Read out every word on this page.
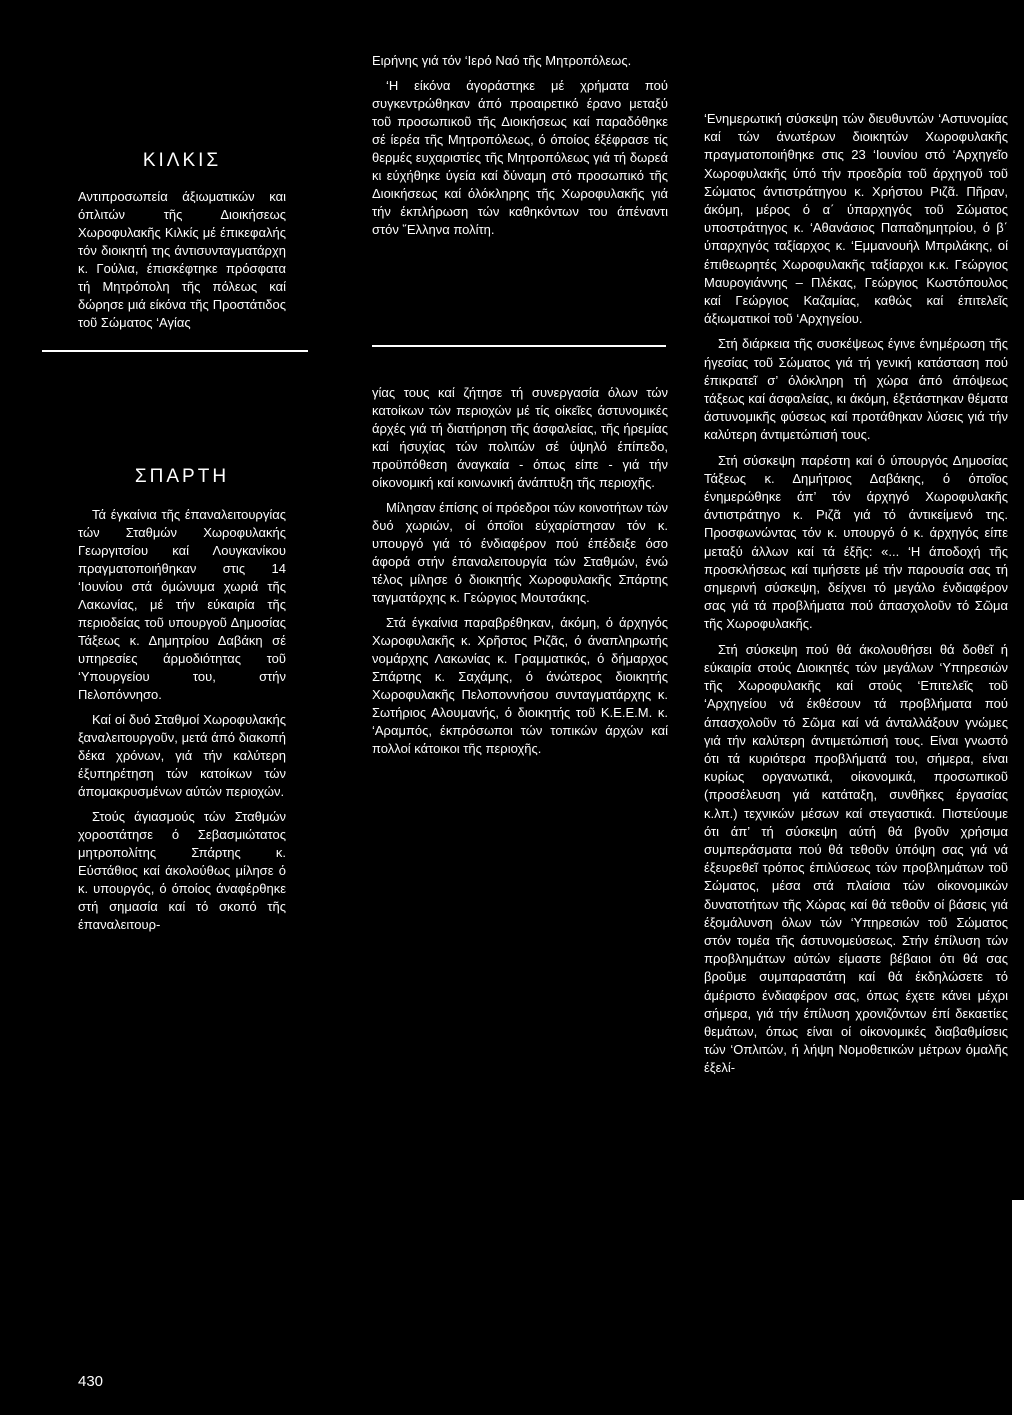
ΚΙΛΚΙΣ

Αντιπροσωπεία άξιωματικών και όπλιτών τῆς Διοικήσεως Χωροφυλακῆς Κιλκίς μέ έπικεφαλής τόν διοικητή της άντισυνταγματάρχη κ. Γούλια, έπισκέφτηκε πρόσφατα τή Μητρόπολη τῆς πόλεως καί δώρησε μιά είκόνα τῆς Προστάτιδος τοῦ Σώματος ‘Αγίας

ΣΠΑΡΤΗ

Τά έγκαίνια τῆς έπαναλειτουργίας τών Σταθμών Χωροφυλακής Γεωργιτσίου καί Λουγκανίκου πραγματοποιήθηκαν στις 14 ‘Ιουνίου στά όμώνυμα χωριά τῆς Λακωνίας, μέ τήν εύκαιρία τῆς περιοδείας τοῦ υπουργοῦ Δημοσίας Τάξεως κ. Δημητρίου Δαβάκη σέ υπηρεσίες άρμοδιότητας τοῦ ‘Υπουργείου του, στήν Πελοπόννησο.

Καί οί δυό Σταθμοί Χωροφυλακής ξαναλειτουργοῦν, μετά άπό διακοπή δέκα χρόνων, γιά τήν καλύτερη έξυπηρέτηση τών κατοίκων τών άπομακρυσμένων αύτών περιοχών.

Στούς άγιασμούς τών Σταθμών χοροστάτησε ό Σεβασμιώτατος μητροπολίτης Σπάρτης κ. Εύστάθιος καί άκολούθως μίλησε ό κ. υπουργός, ό όποίος άναφέρθηκε στή σημασία καί τό σκοπό τῆς έπαναλειτουρ-

Ειρήνης γιά τόν ‘Ιερό Ναό τῆς Μητροπόλεως.

‘Η είκόνα άγοράστηκε μέ χρήματα πού συγκεντρώθηκαν άπό προαιρετικό έρανο μεταξύ τοῦ προσωπικοῦ τῆς Διοικήσεως καί παραδόθηκε σέ ίερέα τῆς Μητροπόλεως, ό όποίος έξέφρασε τίς θερμές ευχαριστίες τῆς Μητροπόλεως γιά τή δωρεά κι εύχήθηκε ύγεία καί δύναμη στό προσωπικό τῆς Διοικήσεως καί όλόκληρης τῆς Χωροφυλακῆς γιά τήν έκπλήρωση τών καθηκόντων του άπέναντι στόν ῞Ελληνα πολίτη.

γίας τους καί ζήτησε τή συνεργασία όλων τών κατοίκων τών περιοχών μέ τίς οίκεῖες άστυνομικές άρχές γιά τή διατήρηση τῆς άσφαλείας, τῆς ήρεμίας καί ήσυχίας τών πολιτών σέ ύψηλό έπίπεδο, προϋπόθεση άναγκαία - όπως είπε - γιά τήν οίκονομική καί κοινωνική άνάπτυξη τῆς περιοχῆς.

Μίλησαν έπίσης οί πρόεδροι τών κοινοτήτων τών δυό χωριών, οί όποῖοι εύχαρίστησαν τόν κ. υπουργό γιά τό ένδιαφέρον πού έπέδειξε όσο άφορά στήν έπαναλειτουργία τών Σταθμών, ένώ τέλος μίλησε ό διοικητής Χωροφυλακῆς Σπάρτης ταγματάρχης κ. Γεώργιος Μουτσάκης.

Στά έγκαίνια παραβρέθηκαν, άκόμη, ό άρχηγός Χωροφυλακῆς κ. Χρῆστος Ριζᾶς, ό άναπληρωτής νομάρχης Λακωνίας κ. Γραμματικός, ό δήμαρχος Σπάρτης κ. Σαχάμης, ό άνώτερος διοικητής Χωροφυλακῆς Πελοποννήσου συνταγματάρχης κ. Σωτήριος Αλουμανής, ό διοικητής τοῦ Κ.Ε.Ε.Μ. κ. ‘Αραμπός, έκπρόσωποι τών τοπικών άρχών καί πολλοί κάτοικοι τῆς περιοχῆς.

‘Ενημερωτική σύσκεψη τών διευθυντών ‘Αστυνομίας καί τών άνωτέρων διοικητών Χωροφυλακῆς πραγματοποιήθηκε στις 23 ‘Ιουνίου στό ‘Αρχηγεῖο Χωροφυλακῆς ύπό τήν προεδρία τοῦ άρχηγοῦ τοῦ Σώματος άντιστράτηγου κ. Χρήστου Ριζᾶ. Πῆραν, άκόμη, μέρος ό α΄ ύπαρχηγός τοῦ Σώματος υποστράτηγος κ. ‘Αθανάσιος Παπαδημητρίου, ό β΄ ύπαρχηγός ταξίαρχος κ. ‘Εμμανουήλ Μπριλάκης, οί έπιθεωρητές Χωροφυλακῆς ταξίαρχοι κ.κ. Γεώργιος Μαυρογιάννης – Πλέκας, Γεώργιος Κωστόπουλος καί Γεώργιος Καζαμίας, καθώς καί έπιτελεῖς άξιωματικοί τοῦ ‘Αρχηγείου.

Στή διάρκεια τῆς συσκέψεως έγινε ένημέρωση τῆς ήγεσίας τοῦ Σώματος γιά τή γενική κατάσταση πού έπικρατεῖ σ’ όλόκληρη τή χώρα άπό άπόψεως τάξεως καί άσφαλείας, κι άκόμη, έξετάστηκαν θέματα άστυνομικῆς φύσεως καί προτάθηκαν λύσεις γιά τήν καλύτερη άντιμετώπισή τους.

Στή σύσκεψη παρέστη καί ό ύπουργός Δημοσίας Τάξεως κ. Δημήτριος Δαβάκης, ό όποῖος ένημερώθηκε άπ’ τόν άρχηγό Χωροφυλακῆς άντιστράτηγο κ. Ριζᾶ γιά τό άντικείμενό της. Προσφωνώντας τόν κ. υπουργό ό κ. άρχηγός είπε μεταξύ άλλων καί τά έξῆς: «... ‘Η άποδοχή τῆς προσκλήσεως καί τιμήσετε μέ τήν παρουσία σας τή σημερινή σύσκεψη, δείχνει τό μεγάλο ένδιαφέρον σας γιά τά προβλήματα πού άπασχολοῦν τό Σῶμα τῆς Χωροφυλακῆς.

Στή σύσκεψη πού θά άκολουθήσει θά δοθεῖ ή εύκαιρία στούς Διοικητές τών μεγάλων ‘Υπηρεσιών τῆς Χωροφυλακῆς καί στούς ‘Επιτελεῖς τοῦ ‘Αρχηγείου νά έκθέσουν τά προβλήματα πού άπασχολοῦν τό Σῶμα καί νά άνταλλάξουν γνώμες γιά τήν καλύτερη άντιμετώπισή τους. Είναι γνωστό ότι τά κυριότερα προβλήματά του, σήμερα, είναι κυρίως οργανωτικά, οίκονομικά, προσωπικοῦ (προσέλευση γιά κατάταξη, συνθῆκες έργασίας κ.λπ.) τεχνικών μέσων καί στεγαστικά. Πιστεύουμε ότι άπ’ τή σύσκεψη αύτή θά βγοῦν χρήσιμα συμπεράσματα πού θά τεθοῦν ύπόψη σας γιά νά έξευρεθεῖ τρόπος έπιλύσεως τών προβλημάτων τοῦ Σώματος, μέσα στά πλαίσια τών οίκονομικών δυνατοτήτων τῆς Χώρας καί θά τεθοῦν οί βάσεις γιά έξομάλυνση όλων τών ‘Υπηρεσιών τοῦ Σώματος στόν τομέα τῆς άστυνομεύσεως. Στήν έπίλυση τών προβλημάτων αύτών είμαστε βέβαιοι ότι θά σας βροῦμε συμπαραστάτη καί θά έκδηλώσετε τό άμέριστο ένδιαφέρον σας, όπως έχετε κάνει μέχρι σήμερα, γιά τήν έπίλυση χρονιζόντων έπί δεκαετίες θεμάτων, όπως είναι οί οίκονομικές διαβαθμίσεις τών ‘Οπλιτών, ή λήψη Νομοθετικών μέτρων όμαλῆς έξελί-

430
